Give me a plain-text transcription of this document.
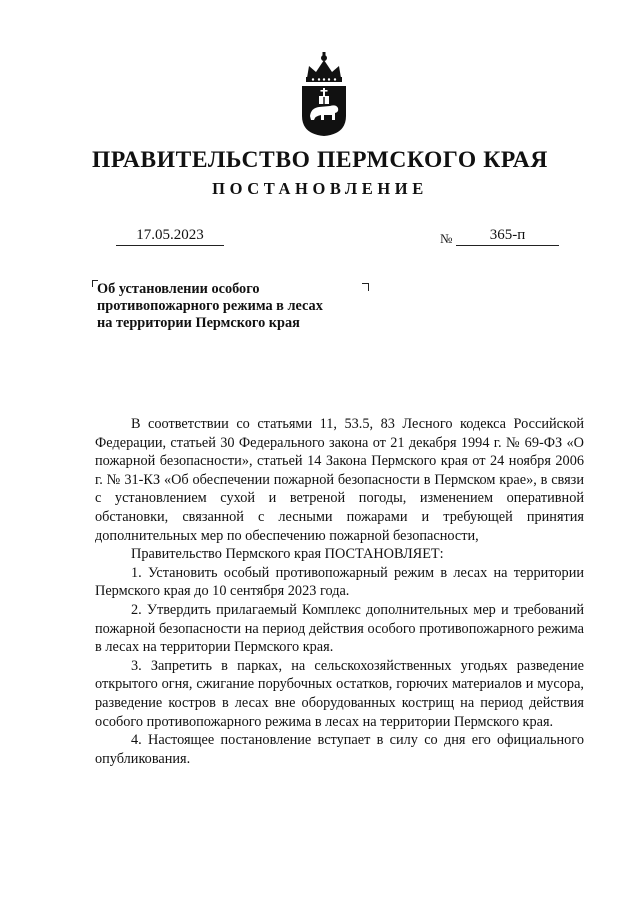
ПРАВИТЕЛЬСТВО ПЕРМСКОГО КРАЯ
ПОСТАНОВЛЕНИЕ
17.05.2023	№	365-п
Об установлении особого
противопожарного режима в лесах
на территории Пермского края

В соответствии со статьями 11, 53.5, 83 Лесного кодекса Российской Федерации, статьей 30 Федерального закона от 21 декабря 1994 г. № 69-ФЗ «О пожарной безопасности», статьей 14 Закона Пермского края от 24 ноября 2006 г. № 31-КЗ «Об обеспечении пожарной безопасности в Пермском крае», в связи с установлением сухой и ветреной погоды, изменением оперативной обстановки, связанной с лесными пожарами и требующей принятия дополнительных мер по обеспечению пожарной безопасности,

Правительство Пермского края ПОСТАНОВЛЯЕТ:

1. Установить особый противопожарный режим в лесах на территории Пермского края до 10 сентября 2023 года.

2. Утвердить прилагаемый Комплекс дополнительных мер и требований пожарной безопасности на период действия особого противопожарного режима в лесах на территории Пермского края.

3. Запретить в парках, на сельскохозяйственных угодьях разведение открытого огня, сжигание порубочных остатков, горючих материалов и мусора, разведение костров в лесах вне оборудованных кострищ на период действия особого противопожарного режима в лесах на территории Пермского края.

4. Настоящее постановление вступает в силу со дня его официального опубликования.
